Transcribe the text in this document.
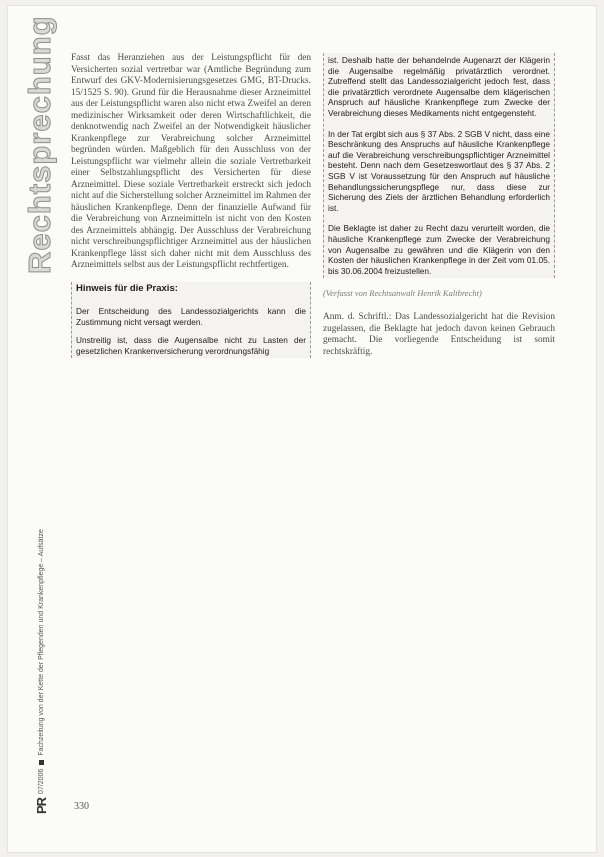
Rechtsprechung
PR
07/2006
Fachzeitung von der Kette der Pflegenden und Krankenpflege – Aufsätze

Fasst das Heranziehen aus der Leistungspflicht für den Versicherten sozial vertretbar war (Amtliche Begründung zum Entwurf des GKV-Modernisierungsgesetzes GMG, BT-Drucks. 15/1525 S. 90). Grund für die Herausnahme dieser Arzneimittel aus der Leistungspflicht waren also nicht etwa Zweifel an deren medizinischer Wirksamkeit oder deren Wirtschaftlichkeit, die denknotwendig nach Zweifel an der Notwendigkeit häuslicher Krankenpflege zur Verabreichung solcher Arzneimittel begründen würden. Maßgeblich für den Ausschluss von der Leistungspflicht war vielmehr allein die soziale Vertretbarkeit einer Selbstzahlungspflicht des Versicherten für diese Arzneimittel. Diese soziale Vertretbarkeit erstreckt sich jedoch nicht auf die Sicherstellung solcher Arzneimittel im Rahmen der häuslichen Krankenpflege. Denn der finanzielle Aufwand für die Verabreichung von Arzneimitteln ist nicht von den Kosten des Arzneimittels abhängig. Der Ausschluss der Verabreichung nicht verschreibungspflichtiger Arzneimittel aus der häuslichen Krankenpflege lässt sich daher nicht mit dem Ausschluss des Arzneimittels selbst aus der Leistungspflicht rechtfertigen.

Hinweis für die Praxis:

Der Entscheidung des Landessozialgerichts kann die Zustimmung nicht versagt werden.

Unstreitig ist, dass die Augensalbe nicht zu Lasten der gesetzlichen Krankenversicherung verordnungsfähig

ist. Deshalb hatte der behandelnde Augenarzt der Klägerin die Augensalbe regelmäßig privatärztlich verordnet. Zutreffend stellt das Landessozialgericht jedoch fest, dass die privatärztlich verordnete Augensalbe dem klägerischen Anspruch auf häusliche Krankenpflege zum Zwecke der Verabreichung dieses Medikaments nicht entgegensteht.

In der Tat ergibt sich aus § 37 Abs. 2 SGB V nicht, dass eine Beschränkung des Anspruchs auf häusliche Krankenpflege auf die Verabreichung verschreibungspflichtiger Arzneimittel besteht. Denn nach dem Gesetzeswortlaut des § 37 Abs. 2 SGB V ist Voraussetzung für den Anspruch auf häusliche Behandlungssicherungspflege nur, dass diese zur Sicherung des Ziels der ärztlichen Behandlung erforderlich ist.

Die Beklagte ist daher zu Recht dazu verurteilt worden, die häusliche Krankenpflege zum Zwecke der Verabreichung von Augensalbe zu gewähren und die Klägerin von den Kosten der häuslichen Krankenpflege in der Zeit vom 01.05. bis 30.06.2004 freizustellen.

(Verfasst von Rechtsanwalt Henrik Kaltbrecht)

Anm. d. Schriftl.: Das Landessozialgericht hat die Revision zugelassen, die Beklagte hat jedoch davon keinen Gebrauch gemacht. Die vorliegende Entscheidung ist somit rechtskräftig.

330
